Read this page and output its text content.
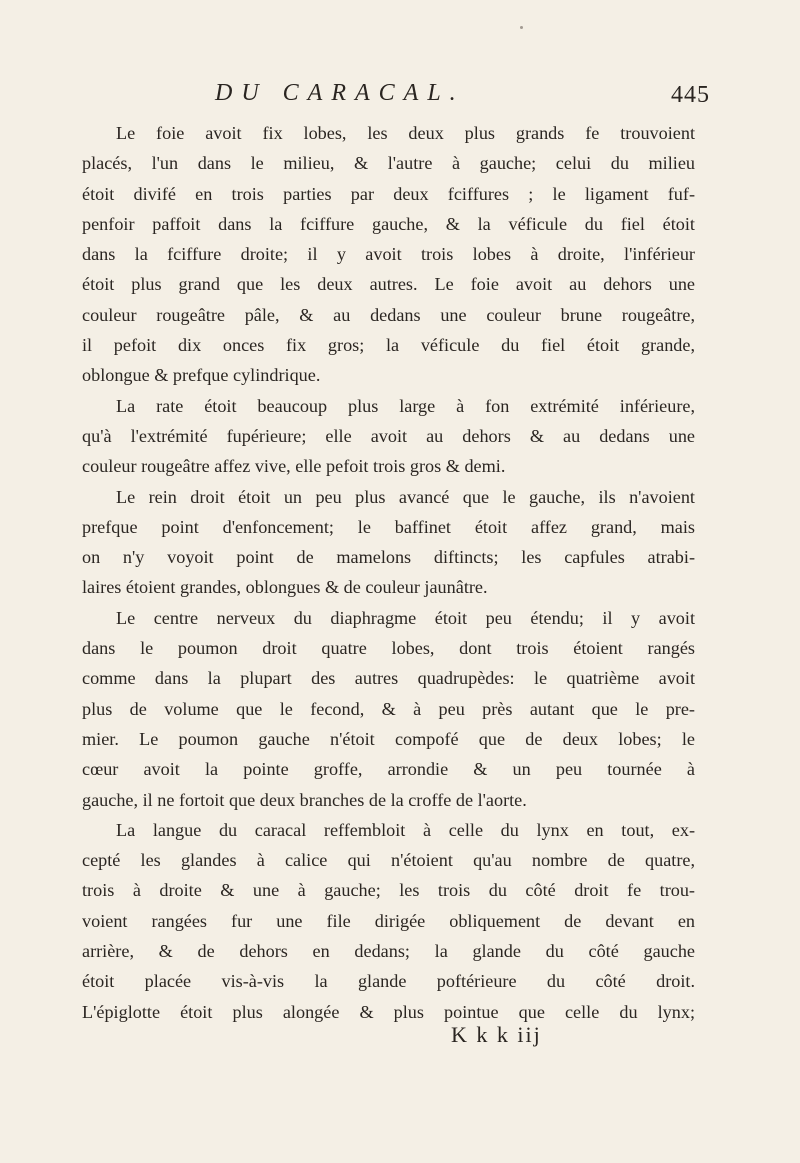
DU CARACAL.	445
Le foie avoit fix lobes, les deux plus grands fe trouvoient
placés, l'un dans le milieu, & l'autre à gauche; celui du milieu
étoit divifé en trois parties par deux fciffures ; le ligament fuf-
penfoir paffoit dans la fciffure gauche, & la véficule du fiel étoit
dans la fciffure droite; il y avoit trois lobes à droite, l'inférieur
étoit plus grand que les deux autres. Le foie avoit au dehors une
couleur rougeâtre pâle, & au dedans une couleur brune rougeâtre,
il pefoit dix onces fix gros; la véficule du fiel étoit grande,
oblongue & prefque cylindrique.
La rate étoit beaucoup plus large à fon extrémité inférieure,
qu'à l'extrémité fupérieure; elle avoit au dehors & au dedans une
couleur rougeâtre affez vive, elle pefoit trois gros & demi.
Le rein droit étoit un peu plus avancé que le gauche, ils n'avoient
prefque point d'enfoncement; le baffinet étoit affez grand, mais
on n'y voyoit point de mamelons diftincts; les capfules atrabi-
laires étoient grandes, oblongues & de couleur jaunâtre.
Le centre nerveux du diaphragme étoit peu étendu; il y avoit
dans le poumon droit quatre lobes, dont trois étoient rangés
comme dans la plupart des autres quadrupèdes: le quatrième avoit
plus de volume que le fecond, & à peu près autant que le pre-
mier. Le poumon gauche n'étoit compofé que de deux lobes; le
cœur avoit la pointe groffe, arrondie & un peu tournée à
gauche, il ne fortoit que deux branches de la croffe de l'aorte.
La langue du caracal reffembloit à celle du lynx en tout, ex-
cepté les glandes à calice qui n'étoient qu'au nombre de quatre,
trois à droite & une à gauche; les trois du côté droit fe trou-
voient rangées fur une file dirigée obliquement de devant en
arrière, & de dehors en dedans; la glande du côté gauche
étoit placée vis-à-vis la glande poftérieure du côté droit.
L'épiglotte étoit plus alongée & plus pointue que celle du lynx;
K k k iij
